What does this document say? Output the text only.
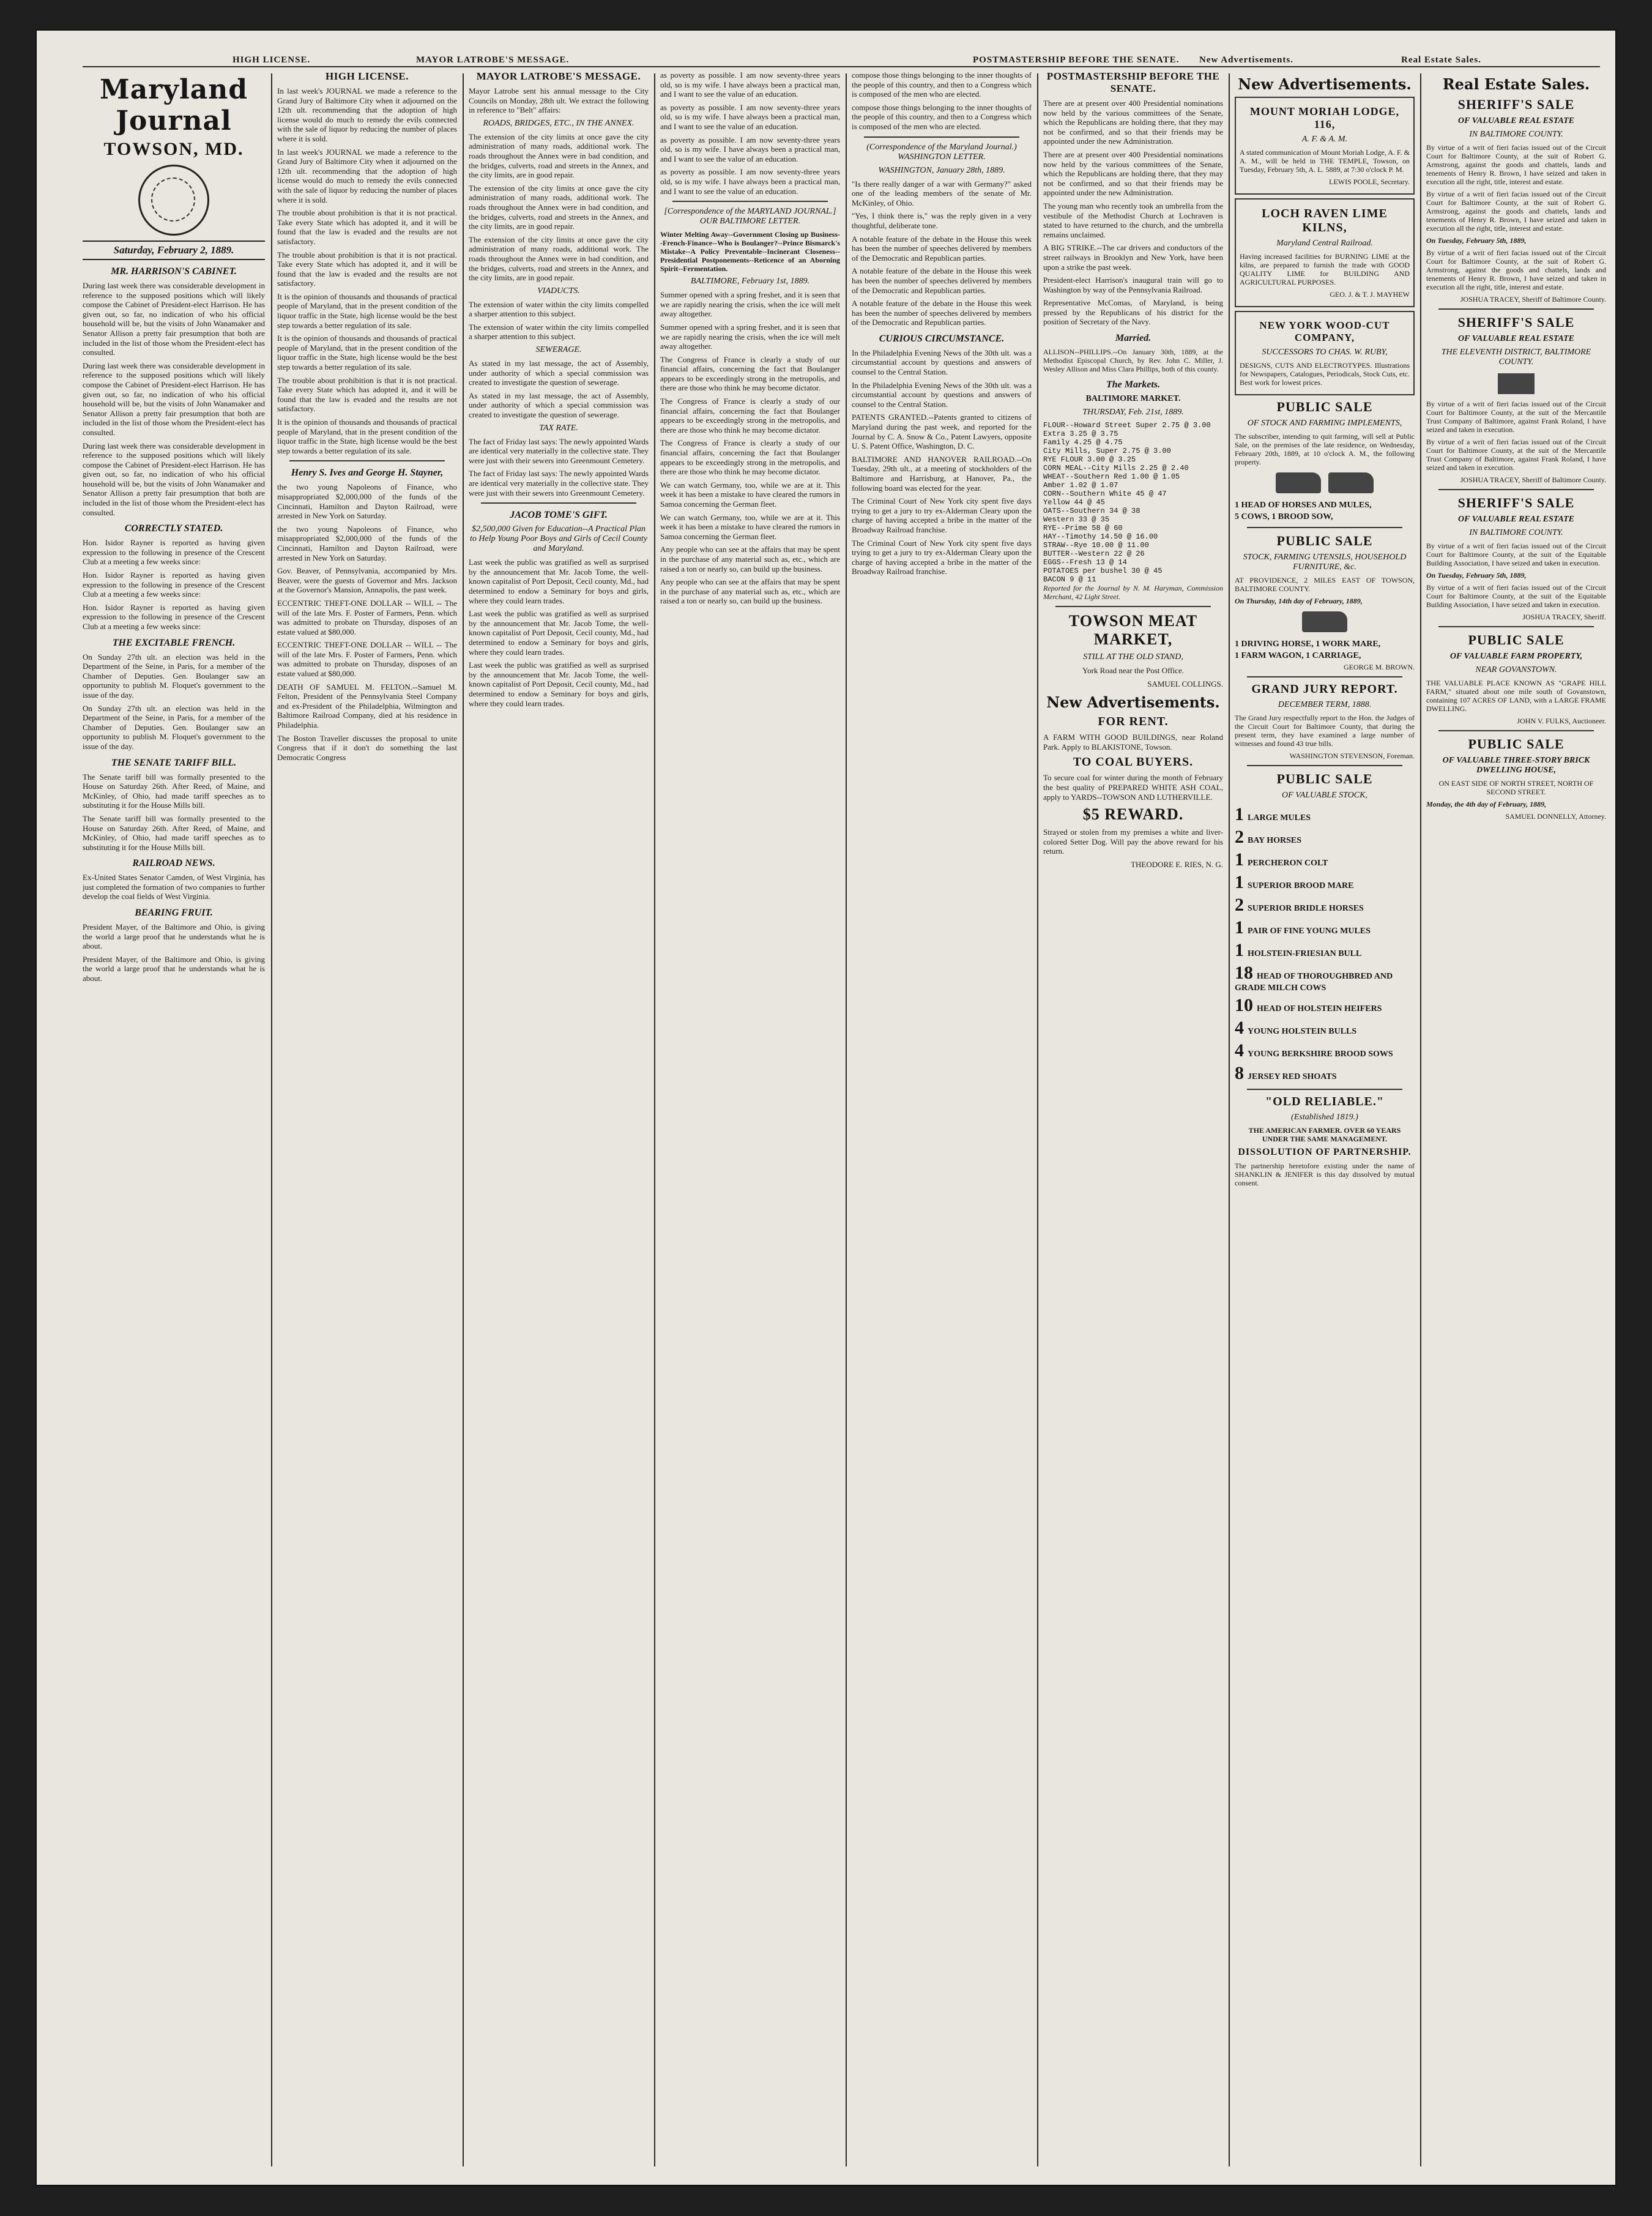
HIGH LICENSE.	MAYOR LATROBE'S MESSAGE.	POSTMASTERSHIP BEFORE THE SENATE. New Advertisements.	Real Estate Sales.
Maryland Journal
TOWSON, MD.
Saturday, February 2, 1889.
MR. HARRISON'S CABINET.

During last week there was considerable development in reference to the supposed positions which will likely compose the Cabinet of President-elect Harrison. He has given out, so far, no indication of who his official household will be, but the visits of John Wanamaker and Senator Allison a pretty fair presumption that both are included in the list of those whom the President-elect has consulted.

During last week there was considerable development in reference to the supposed positions which will likely compose the Cabinet of President-elect Harrison. He has given out, so far, no indication of who his official household will be, but the visits of John Wanamaker and Senator Allison a pretty fair presumption that both are included in the list of those whom the President-elect has consulted.

During last week there was considerable development in reference to the supposed positions which will likely compose the Cabinet of President-elect Harrison. He has given out, so far, no indication of who his official household will be, but the visits of John Wanamaker and Senator Allison a pretty fair presumption that both are included in the list of those whom the President-elect has consulted.

CORRECTLY STATED.

Hon. Isidor Rayner is reported as having given expression to the following in presence of the Crescent Club at a meeting a few weeks since:

Hon. Isidor Rayner is reported as having given expression to the following in presence of the Crescent Club at a meeting a few weeks since:

Hon. Isidor Rayner is reported as having given expression to the following in presence of the Crescent Club at a meeting a few weeks since:

THE EXCITABLE FRENCH.

On Sunday 27th ult. an election was held in the Department of the Seine, in Paris, for a member of the Chamber of Deputies. Gen. Boulanger saw an opportunity to publish M. Floquet's government to the issue of the day.

On Sunday 27th ult. an election was held in the Department of the Seine, in Paris, for a member of the Chamber of Deputies. Gen. Boulanger saw an opportunity to publish M. Floquet's government to the issue of the day.

THE SENATE TARIFF BILL.

The Senate tariff bill was formally presented to the House on Saturday 26th. After Reed, of Maine, and McKinley, of Ohio, had made tariff speeches as to substituting it for the House Mills bill.

The Senate tariff bill was formally presented to the House on Saturday 26th. After Reed, of Maine, and McKinley, of Ohio, had made tariff speeches as to substituting it for the House Mills bill.

RAILROAD NEWS.

Ex-United States Senator Camden, of West Virginia, has just completed the formation of two companies to further develop the coal fields of West Virginia.

BEARING FRUIT.

President Mayer, of the Baltimore and Ohio, is giving the world a large proof that he understands what he is about.

President Mayer, of the Baltimore and Ohio, is giving the world a large proof that he understands what he is about.

HIGH LICENSE.

In last week's JOURNAL we made a reference to the Grand Jury of Baltimore City when it adjourned on the 12th ult. recommending that the adoption of high license would do much to remedy the evils connected with the sale of liquor by reducing the number of places where it is sold.

In last week's JOURNAL we made a reference to the Grand Jury of Baltimore City when it adjourned on the 12th ult. recommending that the adoption of high license would do much to remedy the evils connected with the sale of liquor by reducing the number of places where it is sold.

The trouble about prohibition is that it is not practical. Take every State which has adopted it, and it will be found that the law is evaded and the results are not satisfactory.

The trouble about prohibition is that it is not practical. Take every State which has adopted it, and it will be found that the law is evaded and the results are not satisfactory.

It is the opinion of thousands and thousands of practical people of Maryland, that in the present condition of the liquor traffic in the State, high license would be the best step towards a better regulation of its sale.

It is the opinion of thousands and thousands of practical people of Maryland, that in the present condition of the liquor traffic in the State, high license would be the best step towards a better regulation of its sale.

The trouble about prohibition is that it is not practical. Take every State which has adopted it, and it will be found that the law is evaded and the results are not satisfactory.

It is the opinion of thousands and thousands of practical people of Maryland, that in the present condition of the liquor traffic in the State, high license would be the best step towards a better regulation of its sale.

Henry S. Ives and George H. Stayner,

the two young Napoleons of Finance, who misappropriated $2,000,000 of the funds of the Cincinnati, Hamilton and Dayton Railroad, were arrested in New York on Saturday.

the two young Napoleons of Finance, who misappropriated $2,000,000 of the funds of the Cincinnati, Hamilton and Dayton Railroad, were arrested in New York on Saturday.

Gov. Beaver, of Pennsylvania, accompanied by Mrs. Beaver, were the guests of Governor and Mrs. Jackson at the Governor's Mansion, Annapolis, the past week.

ECCENTRIC THEFT-ONE DOLLAR -- WILL -- The will of the late Mrs. F. Poster of Farmers, Penn. which was admitted to probate on Thursday, disposes of an estate valued at $80,000.

ECCENTRIC THEFT-ONE DOLLAR -- WILL -- The will of the late Mrs. F. Poster of Farmers, Penn. which was admitted to probate on Thursday, disposes of an estate valued at $80,000.

DEATH OF SAMUEL M. FELTON.--Samuel M. Felton, President of the Pennsylvania Steel Company and ex-President of the Philadelphia, Wilmington and Baltimore Railroad Company, died at his residence in Philadelphia.

The Boston Traveller discusses the proposal to unite Congress that if it don't do something the last Democratic Congress

MAYOR LATROBE'S MESSAGE.

Mayor Latrobe sent his annual message to the City Councils on Monday, 28th ult. We extract the following in reference to "Belt" affairs:

ROADS, BRIDGES, ETC., IN THE ANNEX.

The extension of the city limits at once gave the city administration of many roads, additional work. The roads throughout the Annex were in bad condition, and the bridges, culverts, road and streets in the Annex, and the city limits, are in good repair.

The extension of the city limits at once gave the city administration of many roads, additional work. The roads throughout the Annex were in bad condition, and the bridges, culverts, road and streets in the Annex, and the city limits, are in good repair.

The extension of the city limits at once gave the city administration of many roads, additional work. The roads throughout the Annex were in bad condition, and the bridges, culverts, road and streets in the Annex, and the city limits, are in good repair.

VIADUCTS.

The extension of water within the city limits compelled a sharper attention to this subject.

The extension of water within the city limits compelled a sharper attention to this subject.

SEWERAGE.

As stated in my last message, the act of Assembly, under authority of which a special commission was created to investigate the question of sewerage.

As stated in my last message, the act of Assembly, under authority of which a special commission was created to investigate the question of sewerage.

TAX RATE.

The fact of Friday last says: The newly appointed Wards are identical very materially in the collective state. They were just with their sewers into Greenmount Cemetery.

The fact of Friday last says: The newly appointed Wards are identical very materially in the collective state. They were just with their sewers into Greenmount Cemetery.

JACOB TOME'S GIFT.
$2,500,000 Given for Education--A Practical Plan to Help Young Poor Boys and Girls of Cecil County and Maryland.

Last week the public was gratified as well as surprised by the announcement that Mr. Jacob Tome, the well-known capitalist of Port Deposit, Cecil county, Md., had determined to endow a Seminary for boys and girls, where they could learn trades.

Last week the public was gratified as well as surprised by the announcement that Mr. Jacob Tome, the well-known capitalist of Port Deposit, Cecil county, Md., had determined to endow a Seminary for boys and girls, where they could learn trades.

Last week the public was gratified as well as surprised by the announcement that Mr. Jacob Tome, the well-known capitalist of Port Deposit, Cecil county, Md., had determined to endow a Seminary for boys and girls, where they could learn trades.

as poverty as possible. I am now seventy-three years old, so is my wife. I have always been a practical man, and I want to see the value of an education.

as poverty as possible. I am now seventy-three years old, so is my wife. I have always been a practical man, and I want to see the value of an education.

as poverty as possible. I am now seventy-three years old, so is my wife. I have always been a practical man, and I want to see the value of an education.

as poverty as possible. I am now seventy-three years old, so is my wife. I have always been a practical man, and I want to see the value of an education.

[Correspondence of the MARYLAND JOURNAL.] OUR BALTIMORE LETTER.

Winter Melting Away--Government Closing up Business--French-Finance--Who is Boulanger?--Prince Bismarck's Mistake--A Policy Preventable--Incinerant Closeness--Presidential Postponements--Reticence of an Aborning Spirit--Fermentation.

BALTIMORE, February 1st, 1889.

Summer opened with a spring freshet, and it is seen that we are rapidly nearing the crisis, when the ice will melt away altogether.

Summer opened with a spring freshet, and it is seen that we are rapidly nearing the crisis, when the ice will melt away altogether.

The Congress of France is clearly a study of our financial affairs, concerning the fact that Boulanger appears to be exceedingly strong in the metropolis, and there are those who think he may become dictator.

The Congress of France is clearly a study of our financial affairs, concerning the fact that Boulanger appears to be exceedingly strong in the metropolis, and there are those who think he may become dictator.

The Congress of France is clearly a study of our financial affairs, concerning the fact that Boulanger appears to be exceedingly strong in the metropolis, and there are those who think he may become dictator.

We can watch Germany, too, while we are at it. This week it has been a mistake to have cleared the rumors in Samoa concerning the German fleet.

We can watch Germany, too, while we are at it. This week it has been a mistake to have cleared the rumors in Samoa concerning the German fleet.

Any people who can see at the affairs that may be spent in the purchase of any material such as, etc., which are raised a ton or nearly so, can build up the business.

Any people who can see at the affairs that may be spent in the purchase of any material such as, etc., which are raised a ton or nearly so, can build up the business.

compose those things belonging to the inner thoughts of the people of this country, and then to a Congress which is composed of the men who are elected.

compose those things belonging to the inner thoughts of the people of this country, and then to a Congress which is composed of the men who are elected.

(Correspondence of the Maryland Journal.) WASHINGTON LETTER.
WASHINGTON, January 28th, 1889.

"Is there really danger of a war with Germany?" asked one of the leading members of the senate of Mr. McKinley, of Ohio.

"Yes, I think there is," was the reply given in a very thoughtful, deliberate tone.

A notable feature of the debate in the House this week has been the number of speeches delivered by members of the Democratic and Republican parties.

A notable feature of the debate in the House this week has been the number of speeches delivered by members of the Democratic and Republican parties.

A notable feature of the debate in the House this week has been the number of speeches delivered by members of the Democratic and Republican parties.

CURIOUS CIRCUMSTANCE.

In the Philadelphia Evening News of the 30th ult. was a circumstantial account by questions and answers of counsel to the Central Station.

In the Philadelphia Evening News of the 30th ult. was a circumstantial account by questions and answers of counsel to the Central Station.

PATENTS GRANTED.--Patents granted to citizens of Maryland during the past week, and reported for the Journal by C. A. Snow & Co., Patent Lawyers, opposite U. S. Patent Office, Washington, D. C.

BALTIMORE AND HANOVER RAILROAD.--On Tuesday, 29th ult., at a meeting of stockholders of the Baltimore and Harrisburg, at Hanover, Pa., the following board was elected for the year.

The Criminal Court of New York city spent five days trying to get a jury to try ex-Alderman Cleary upon the charge of having accepted a bribe in the matter of the Broadway Railroad franchise.

The Criminal Court of New York city spent five days trying to get a jury to try ex-Alderman Cleary upon the charge of having accepted a bribe in the matter of the Broadway Railroad franchise.

POSTMASTERSHIP BEFORE THE SENATE.

There are at present over 400 Presidential nominations now held by the various committees of the Senate, which the Republicans are holding there, that they may not be confirmed, and so that their friends may be appointed under the new Administration.

There are at present over 400 Presidential nominations now held by the various committees of the Senate, which the Republicans are holding there, that they may not be confirmed, and so that their friends may be appointed under the new Administration.

The young man who recently took an umbrella from the vestibule of the Methodist Church at Lochraven is stated to have returned to the church, and the umbrella remains unclaimed.

A BIG STRIKE.--The car drivers and conductors of the street railways in Brooklyn and New York, have been upon a strike the past week.

President-elect Harrison's inaugural train will go to Washington by way of the Pennsylvania Railroad.

Representative McComas, of Maryland, is being pressed by the Republicans of his district for the position of Secretary of the Navy.

Married.

ALLISON--PHILLIPS.--On January 30th, 1889, at the Methodist Episcopal Church, by Rev. John C. Miller, J. Wesley Allison and Miss Clara Phillips, both of this county.

The Markets.
BALTIMORE MARKET.
THURSDAY, Feb. 21st, 1889.
FLOUR--Howard Street Super 2.75 @ 3.00
Extra 3.25 @ 3.75
Family 4.25 @ 4.75
City Mills, Super 2.75 @ 3.00
RYE FLOUR 3.00 @ 3.25
CORN MEAL--City Mills 2.25 @ 2.40
WHEAT--Southern Red 1.00 @ 1.05
Amber 1.02 @ 1.07
CORN--Southern White 45 @ 47
Yellow 44 @ 45
OATS--Southern 34 @ 38
Western 33 @ 35
RYE--Prime 58 @ 60
HAY--Timothy 14.50 @ 16.00
STRAW--Rye 10.00 @ 11.00
BUTTER--Western 22 @ 26
EGGS--Fresh 13 @ 14
POTATOES per bushel 30 @ 45
BACON 9 @ 11

Reported for the Journal by N. M. Haryman, Commission Merchant, 42 Light Street.

TOWSON MEAT MARKET,
STILL AT THE OLD STAND,

York Road near the Post Office.

SAMUEL COLLINGS.

New Advertisements.
FOR RENT.

A FARM WITH GOOD BUILDINGS, near Roland Park. Apply to BLAKISTONE, Towson.

TO COAL BUYERS.

To secure coal for winter during the month of February the best quality of PREPARED WHITE ASH COAL, apply to YARDS--TOWSON AND LUTHERVILLE.

$5 REWARD.

Strayed or stolen from my premises a white and liver-colored Setter Dog. Will pay the above reward for his return.

THEODORE E. RIES, N. G.

New Advertisements.
MOUNT MORIAH LODGE, 116,
A. F. & A. M.

A stated communication of Mount Moriah Lodge, A. F. & A. M., will be held in THE TEMPLE, Towson, on Tuesday, February 5th, A. L. 5889, at 7:30 o'clock P. M.

LEWIS POOLE, Secretary.

LOCH RAVEN LIME KILNS,
Maryland Central Railroad.

Having increased facilities for BURNING LIME at the kilns, are prepared to furnish the trade with GOOD QUALITY LIME for BUILDING AND AGRICULTURAL PURPOSES.

GEO. J. & T. J. MAYHEW

NEW YORK WOOD-CUT COMPANY,
SUCCESSORS TO CHAS. W. RUBY,

DESIGNS, CUTS AND ELECTROTYPES. Illustrations for Newspapers, Catalogues, Periodicals, Stock Cuts, etc. Best work for lowest prices.

PUBLIC SALE
OF STOCK AND FARMING IMPLEMENTS,

The subscriber, intending to quit farming, will sell at Public Sale, on the premises of the late residence, on Wednesday, February 20th, 1889, at 10 o'clock A. M., the following property.

1 HEAD OF HORSES AND MULES,
5 COWS, 1 BROOD SOW,
PUBLIC SALE
STOCK, FARMING UTENSILS, HOUSEHOLD FURNITURE, &c.

AT PROVIDENCE, 2 MILES EAST OF TOWSON, BALTIMORE COUNTY.

On Thursday, 14th day of February, 1889,

1 DRIVING HORSE, 1 WORK MARE,
1 FARM WAGON, 1 CARRIAGE,

GEORGE M. BROWN.

GRAND JURY REPORT.
DECEMBER TERM, 1888.

The Grand Jury respectfully report to the Hon. the Judges of the Circuit Court for Baltimore County, that during the present term, they have examined a large number of witnesses and found 43 true bills.

WASHINGTON STEVENSON, Foreman.

PUBLIC SALE
OF VALUABLE STOCK,
1 LARGE MULES
2 BAY HORSES
1 PERCHERON COLT
1 SUPERIOR BROOD MARE
2 SUPERIOR BRIDLE HORSES
1 PAIR OF FINE YOUNG MULES
1 HOLSTEIN-FRIESIAN BULL
18 HEAD OF THOROUGHBRED AND GRADE MILCH COWS
10 HEAD OF HOLSTEIN HEIFERS
4 YOUNG HOLSTEIN BULLS
4 YOUNG BERKSHIRE BROOD SOWS
8 JERSEY RED SHOATS
"OLD RELIABLE."
(Established 1819.)

THE AMERICAN FARMER. OVER 60 YEARS UNDER THE SAME MANAGEMENT.

DISSOLUTION OF PARTNERSHIP.

The partnership heretofore existing under the name of SHANKLIN & JENIFER is this day dissolved by mutual consent.

Real Estate Sales.
SHERIFF'S SALE
OF VALUABLE REAL ESTATE
IN BALTIMORE COUNTY.

By virtue of a writ of fieri facias issued out of the Circuit Court for Baltimore County, at the suit of Robert G. Armstrong, against the goods and chattels, lands and tenements of Henry R. Brown, I have seized and taken in execution all the right, title, interest and estate.

By virtue of a writ of fieri facias issued out of the Circuit Court for Baltimore County, at the suit of Robert G. Armstrong, against the goods and chattels, lands and tenements of Henry R. Brown, I have seized and taken in execution all the right, title, interest and estate.

On Tuesday, February 5th, 1889,

By virtue of a writ of fieri facias issued out of the Circuit Court for Baltimore County, at the suit of Robert G. Armstrong, against the goods and chattels, lands and tenements of Henry R. Brown, I have seized and taken in execution all the right, title, interest and estate.

JOSHUA TRACEY, Sheriff of Baltimore County.

SHERIFF'S SALE
OF VALUABLE REAL ESTATE
THE ELEVENTH DISTRICT, BALTIMORE COUNTY.

By virtue of a writ of fieri facias issued out of the Circuit Court for Baltimore County, at the suit of the Mercantile Trust Company of Baltimore, against Frank Roland, I have seized and taken in execution.

By virtue of a writ of fieri facias issued out of the Circuit Court for Baltimore County, at the suit of the Mercantile Trust Company of Baltimore, against Frank Roland, I have seized and taken in execution.

JOSHUA TRACEY, Sheriff of Baltimore County.

SHERIFF'S SALE
OF VALUABLE REAL ESTATE
IN BALTIMORE COUNTY.

By virtue of a writ of fieri facias issued out of the Circuit Court for Baltimore County, at the suit of the Equitable Building Association, I have seized and taken in execution.

On Tuesday, February 5th, 1889,

By virtue of a writ of fieri facias issued out of the Circuit Court for Baltimore County, at the suit of the Equitable Building Association, I have seized and taken in execution.

JOSHUA TRACEY, Sheriff.

PUBLIC SALE
OF VALUABLE FARM PROPERTY,
NEAR GOVANSTOWN.

THE VALUABLE PLACE KNOWN AS "GRAPE HILL FARM," situated about one mile south of Govanstown, containing 107 ACRES OF LAND, with a LARGE FRAME DWELLING.

JOHN V. FULKS, Auctioneer.

PUBLIC SALE
OF VALUABLE THREE-STORY BRICK DWELLING HOUSE,

ON EAST SIDE OF NORTH STREET, NORTH OF SECOND STREET.

Monday, the 4th day of February, 1889,

SAMUEL DONNELLY, Attorney.
